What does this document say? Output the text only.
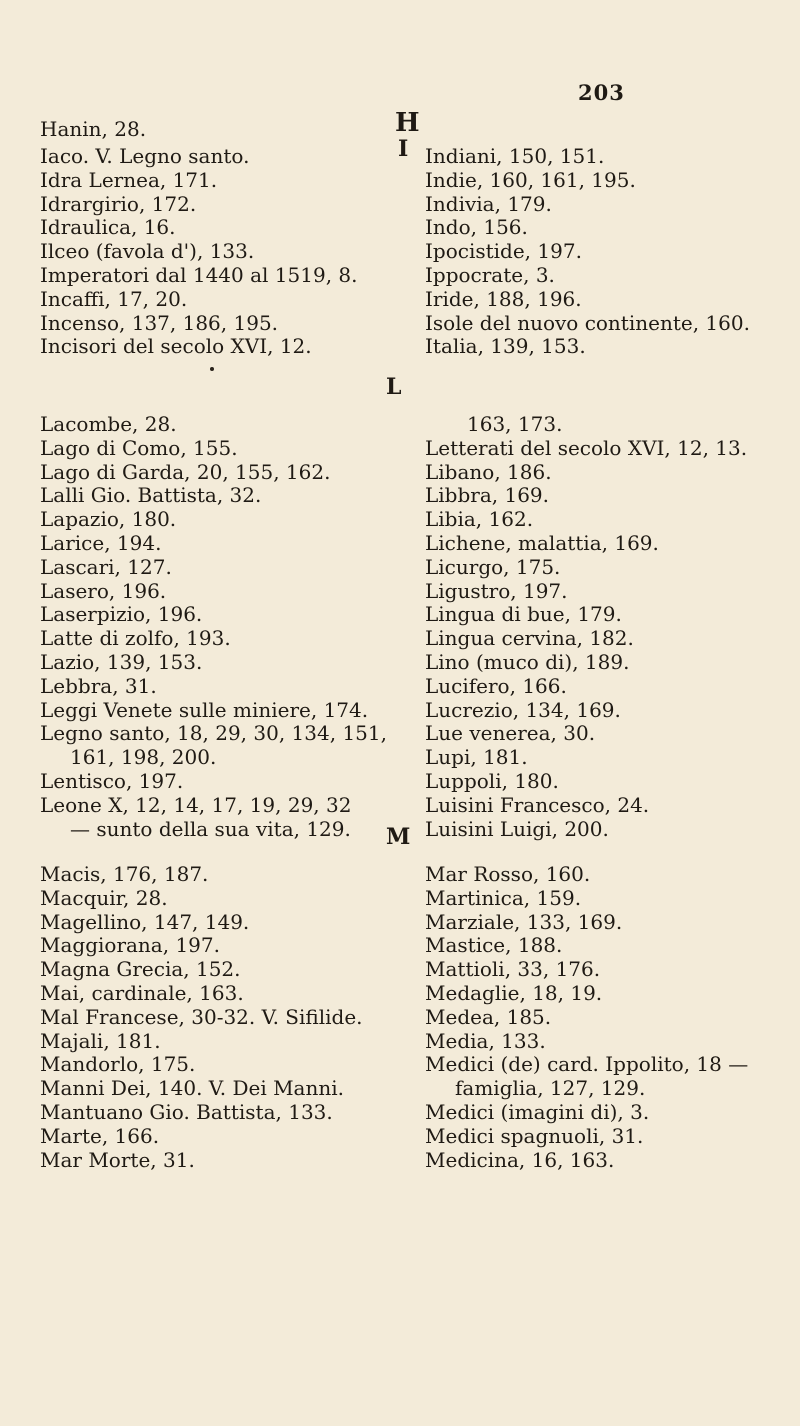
203
H
I
L
M
Hanin, 28.
Iaco. V. Legno santo.
Idra Lernea, 171.
Idrargirio, 172.
Idraulica, 16.
Ilceo (favola d'), 133.
Imperatori dal 1440 al 1519, 8.
Incaffi, 17, 20.
Incenso, 137, 186, 195.
Incisori del secolo XVI, 12.
Indiani, 150, 151.
Indie, 160, 161, 195.
Indivia, 179.
Indo, 156.
Ipocistide, 197.
Ippocrate, 3.
Iride, 188, 196.
Isole del nuovo continente, 160.
Italia, 139, 153.
Lacombe, 28.
Lago di Como, 155.
Lago di Garda, 20, 155, 162.
Lalli Gio. Battista, 32.
Lapazio, 180.
Larice, 194.
Lascari, 127.
Lasero, 196.
Laserpizio, 196.
Latte di zolfo, 193.
Lazio, 139, 153.
Lebbra, 31.
Leggi Venete sulle miniere, 174.
Legno santo, 18, 29, 30, 134, 151,
161, 198, 200.
Lentisco, 197.
Leone X, 12, 14, 17, 19, 29, 32
— sunto della sua vita, 129.
163, 173.
Letterati del secolo XVI, 12, 13.
Libano, 186.
Libbra, 169.
Libia, 162.
Lichene, malattia, 169.
Licurgo, 175.
Ligustro, 197.
Lingua di bue, 179.
Lingua cervina, 182.
Lino (muco di), 189.
Lucifero, 166.
Lucrezio, 134, 169.
Lue venerea, 30.
Lupi, 181.
Luppoli, 180.
Luisini Francesco, 24.
Luisini Luigi, 200.
Macis, 176, 187.
Macquir, 28.
Magellino, 147, 149.
Maggiorana, 197.
Magna Grecia, 152.
Mai, cardinale, 163.
Mal Francese, 30-32. V. Sifilide.
Majali, 181.
Mandorlo, 175.
Manni Dei, 140. V. Dei Manni.
Mantuano Gio. Battista, 133.
Marte, 166.
Mar Morte, 31.
Mar Rosso, 160.
Martinica, 159.
Marziale, 133, 169.
Mastice, 188.
Mattioli, 33, 176.
Medaglie, 18, 19.
Medea, 185.
Media, 133.
Medici (de) card. Ippolito, 18 —
famiglia, 127, 129.
Medici (imagini di), 3.
Medici spagnuoli, 31.
Medicina, 16, 163.
